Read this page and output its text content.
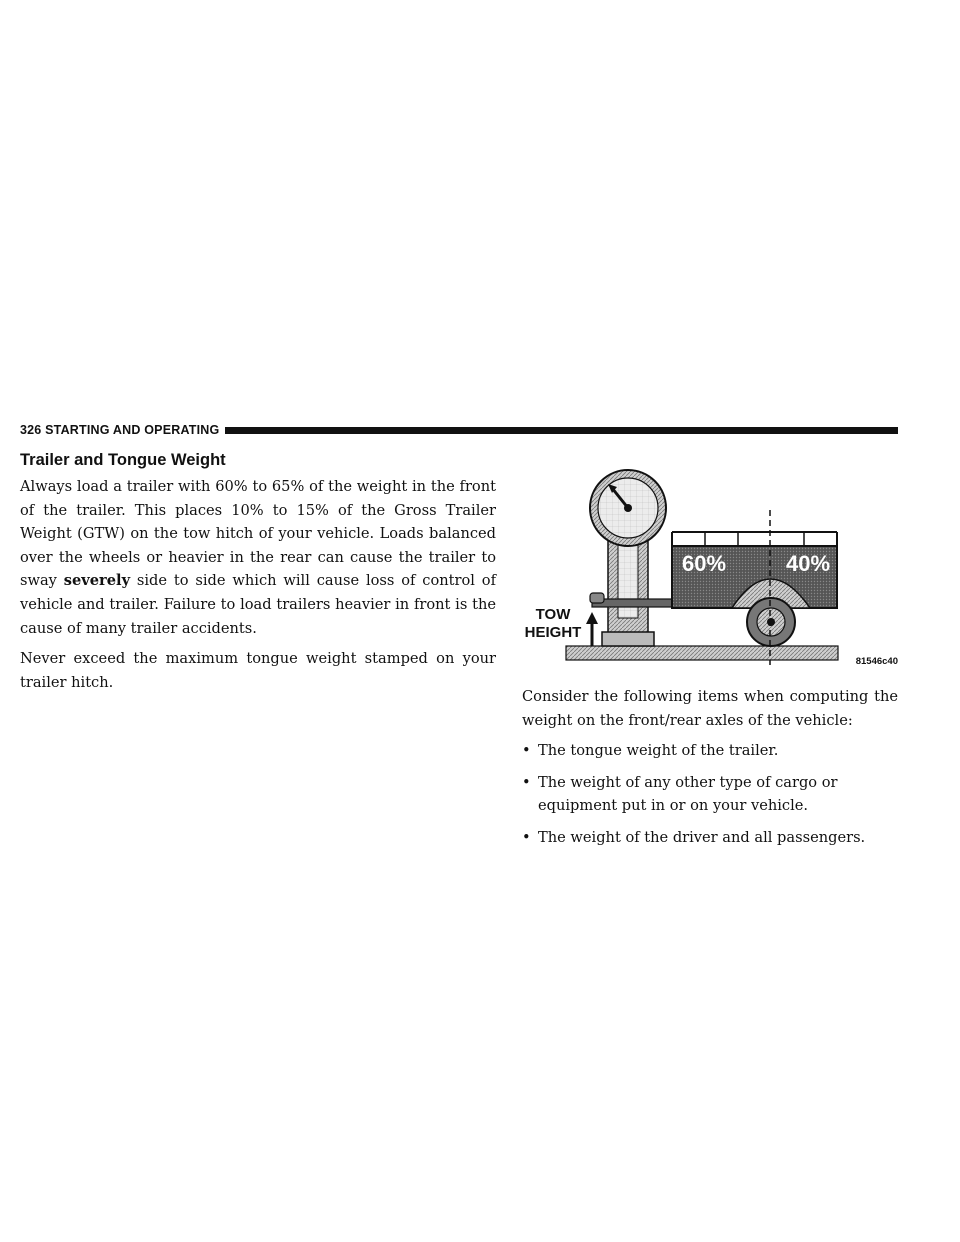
326 STARTING AND OPERATING
Trailer and Tongue Weight

Always load a trailer with 60% to 65% of the weight in the front of the trailer. This places 10% to 15% of the Gross Trailer Weight (GTW) on the tow hitch of your vehicle. Loads balanced over the wheels or heavier in the rear can cause the trailer to sway severely side to side which will cause loss of control of vehicle and trailer. Failure to load trailers heavier in front is the cause of many trailer accidents.

Never exceed the maximum tongue weight stamped on your trailer hitch.

TOW
HEIGHT
60%	40%
81546c40

Consider the following items when computing the weight on the front/rear axles of the vehicle:

• The tongue weight of the trailer.
• The weight of any other type of cargo or equipment put in or on your vehicle.
• The weight of the driver and all passengers.
